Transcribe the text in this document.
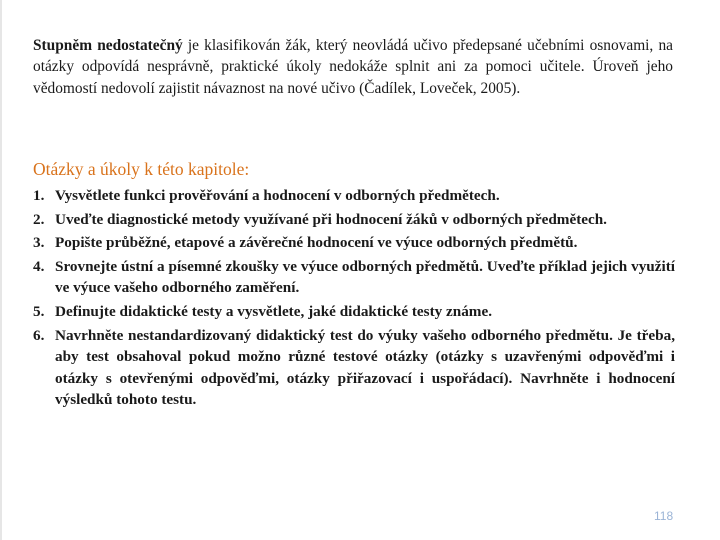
Stupněm nedostatečný je klasifikován žák, který neovládá učivo předepsané učebními osnovami, na otázky odpovídá nesprávně, praktické úkoly nedokáže splnit ani za pomoci učitele. Úroveň jeho vědomostí nedovolí zajistit návaznost na nové učivo (Čadílek, Loveček, 2005).

Otázky a úkoly k této kapitole:
1. Vysvětlete funkci prověřování a hodnocení v odborných předmětech.
2. Uveďte diagnostické metody využívané při hodnocení žáků v odborných předmětech.
3. Popište průběžné, etapové a závěrečné hodnocení ve výuce odborných předmětů.
4. Srovnejte ústní a písemné zkoušky ve výuce odborných předmětů. Uveďte příklad jejich využití ve výuce vašeho odborného zaměření.
5. Definujte didaktické testy a vysvětlete, jaké didaktické testy známe.
6. Navrhněte nestandardizovaný didaktický test do výuky vašeho odborného předmětu. Je třeba, aby test obsahoval pokud možno různé testové otázky (otázky s uzavřenými odpověďmi i otázky s otevřenými odpověďmi, otázky přiřazovací i uspořádací). Navrhněte i hodnocení výsledků tohoto testu.
118
